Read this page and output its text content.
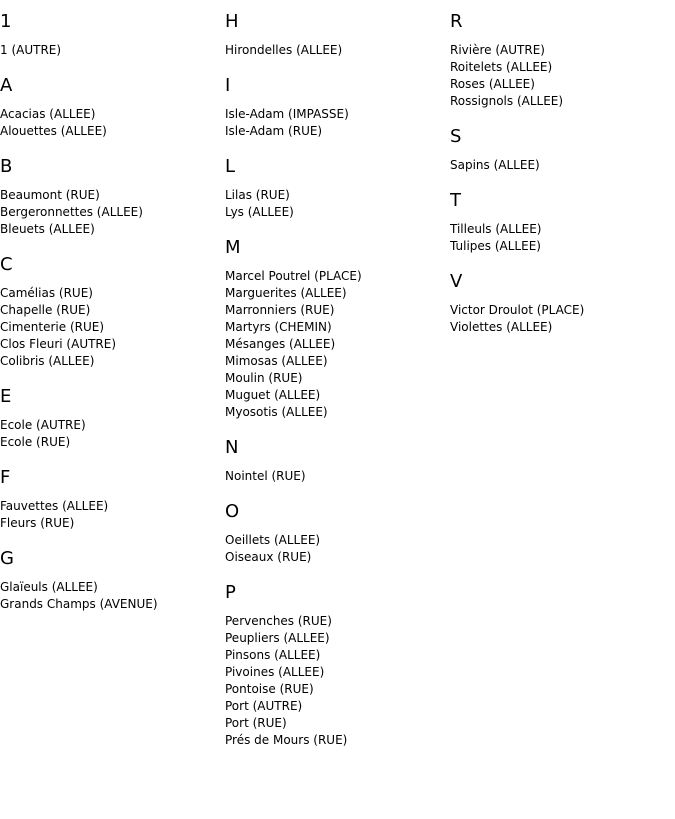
1
1 (AUTRE)
A
Acacias (ALLEE)
Alouettes (ALLEE)
B
Beaumont (RUE)
Bergeronnettes (ALLEE)
Bleuets (ALLEE)
C
Camélias (RUE)
Chapelle (RUE)
Cimenterie (RUE)
Clos Fleuri (AUTRE)
Colibris (ALLEE)
E
Ecole (AUTRE)
Ecole (RUE)
F
Fauvettes (ALLEE)
Fleurs (RUE)
G
Glaïeuls (ALLEE)
Grands Champs (AVENUE)
H
Hirondelles (ALLEE)
I
Isle-Adam (IMPASSE)
Isle-Adam (RUE)
L
Lilas (RUE)
Lys (ALLEE)
M
Marcel Poutrel (PLACE)
Marguerites (ALLEE)
Marronniers (RUE)
Martyrs (CHEMIN)
Mésanges (ALLEE)
Mimosas (ALLEE)
Moulin (RUE)
Muguet (ALLEE)
Myosotis (ALLEE)
N
Nointel (RUE)
O
Oeillets (ALLEE)
Oiseaux (RUE)
P
Pervenches (RUE)
Peupliers (ALLEE)
Pinsons (ALLEE)
Pivoines (ALLEE)
Pontoise (RUE)
Port (AUTRE)
Port (RUE)
Prés de Mours (RUE)
R
Rivière (AUTRE)
Roitelets (ALLEE)
Roses (ALLEE)
Rossignols (ALLEE)
S
Sapins (ALLEE)
T
Tilleuls (ALLEE)
Tulipes (ALLEE)
V
Victor Droulot (PLACE)
Violettes (ALLEE)
